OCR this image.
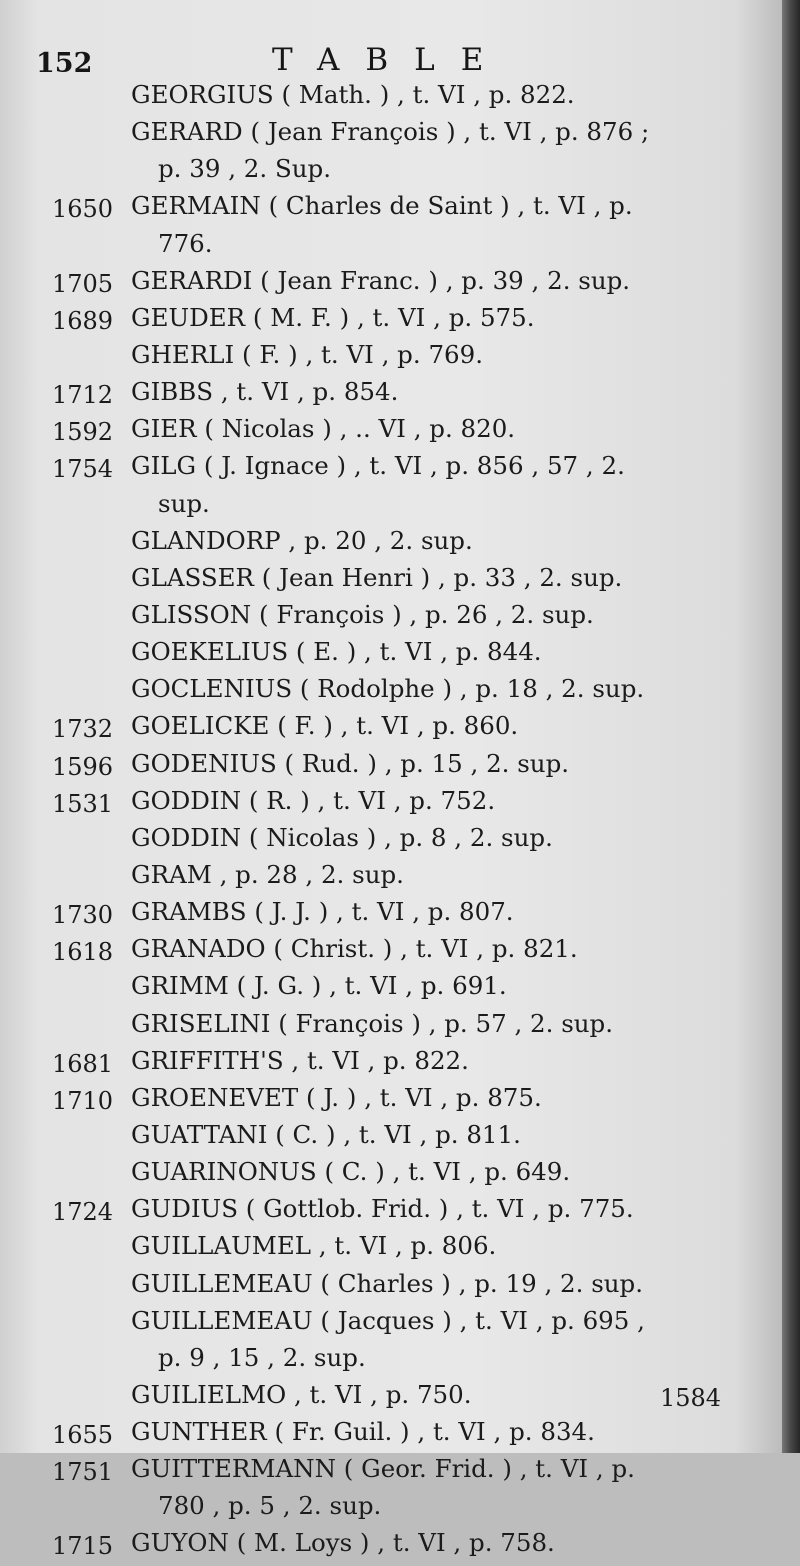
152	TABLE
GEORGIUS ( Math. ) , t. VI , p. 822.
GERARD ( Jean François ) , t. VI , p. 876 ;
p. 39 , 2. Sup.
1650 GERMAIN ( Charles de Saint ) , t. VI , p.
776.
1705 GERARDI ( Jean Franc. ) , p. 39 , 2. sup.
1689 GEUDER ( M. F. ) , t. VI , p. 575.
GHERLI ( F. ) , t. VI , p. 769.
1712 GIBBS , t. VI , p. 854.
1592 GIER ( Nicolas ) , .. VI , p. 820.
1754 GILG ( J. Ignace ) , t. VI , p. 856 , 57 , 2.
sup.
GLANDORP , p. 20 , 2. sup.
GLASSER ( Jean Henri ) , p. 33 , 2. sup.
GLISSON ( François ) , p. 26 , 2. sup.
GOEKELIUS ( E. ) , t. VI , p. 844.
GOCLENIUS ( Rodolphe ) , p. 18 , 2. sup.
1732 GOELICKE ( F. ) , t. VI , p. 860.
1596 GODENIUS ( Rud. ) , p. 15 , 2. sup.
1531 GODDIN ( R. ) , t. VI , p. 752.
GODDIN ( Nicolas ) , p. 8 , 2. sup.
GRAM , p. 28 , 2. sup.
1730 GRAMBS ( J. J. ) , t. VI , p. 807.
1618 GRANADO ( Christ. ) , t. VI , p. 821.
GRIMM ( J. G. ) , t. VI , p. 691.
GRISELINI ( François ) , p. 57 , 2. sup.
1681 GRIFFITH'S , t. VI , p. 822.
1710 GROENEVET ( J. ) , t. VI , p. 875.
GUATTANI ( C. ) , t. VI , p. 811.
GUARINONUS ( C. ) , t. VI , p. 649.
1724 GUDIUS ( Gottlob. Frid. ) , t. VI , p. 775.
GUILLAUMEL , t. VI , p. 806.
GUILLEMEAU ( Charles ) , p. 19 , 2. sup.
GUILLEMEAU ( Jacques ) , t. VI , p. 695 ,
p. 9 , 15 , 2. sup.
GUILIELMO , t. VI , p. 750.
1655 GUNTHER ( Fr. Guil. ) , t. VI , p. 834.
1751 GUITTERMANN ( Geor. Frid. ) , t. VI , p.
780 , p. 5 , 2. sup.
1715 GUYON ( M. Loys ) , t. VI , p. 758.
1584
